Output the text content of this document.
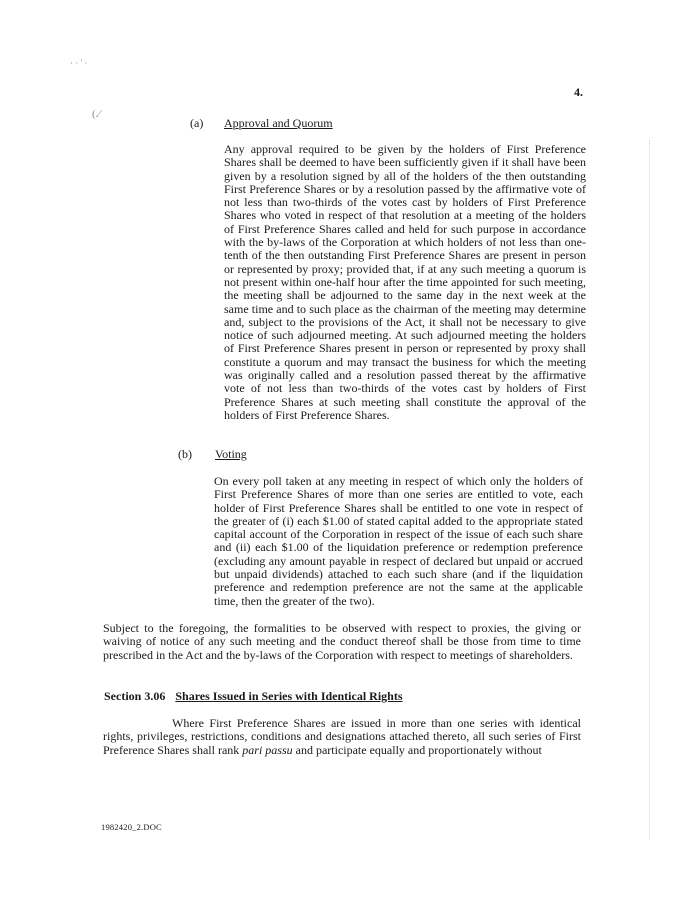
· · ' ·
(.⁄
4.
(a) Approval and Quorum
Any approval required to be given by the holders of First Preference Shares shall be deemed to have been sufficiently given if it shall have been given by a resolution signed by all of the holders of the then outstanding First Preference Shares or by a resolution passed by the affirmative vote of not less than two-thirds of the votes cast by holders of First Preference Shares who voted in respect of that resolution at a meeting of the holders of First Preference Shares called and held for such purpose in accordance with the by-laws of the Corporation at which holders of not less than one-tenth of the then outstanding First Preference Shares are present in person or represented by proxy; provided that, if at any such meeting a quorum is not present within one-half hour after the time appointed for such meeting, the meeting shall be adjourned to the same day in the next week at the same time and to such place as the chairman of the meeting may determine and, subject to the provisions of the Act, it shall not be necessary to give notice of such adjourned meeting. At such adjourned meeting the holders of First Preference Shares present in person or represented by proxy shall constitute a quorum and may transact the business for which the meeting was originally called and a resolution passed thereat by the affirmative vote of not less than two-thirds of the votes cast by holders of First Preference Shares at such meeting shall constitute the approval of the holders of First Preference Shares.
(b) Voting
On every poll taken at any meeting in respect of which only the holders of First Preference Shares of more than one series are entitled to vote, each holder of First Preference Shares shall be entitled to one vote in respect of the greater of (i) each $1.00 of stated capital added to the appropriate stated capital account of the Corporation in respect of the issue of each such share and (ii) each $1.00 of the liquidation preference or redemption preference (excluding any amount payable in respect of declared but unpaid or accrued but unpaid dividends) attached to each such share (and if the liquidation preference and redemption preference are not the same at the applicable time, then the greater of the two).
Subject to the foregoing, the formalities to be observed with respect to proxies, the giving or waiving of notice of any such meeting and the conduct thereof shall be those from time to time prescribed in the Act and the by-laws of the Corporation with respect to meetings of shareholders.
Section 3.06 Shares Issued in Series with Identical Rights
Where First Preference Shares are issued in more than one series with identical rights, privileges, restrictions, conditions and designations attached thereto, all such series of First Preference Shares shall rank pari passu and participate equally and proportionately without
1982420_2.DOC
